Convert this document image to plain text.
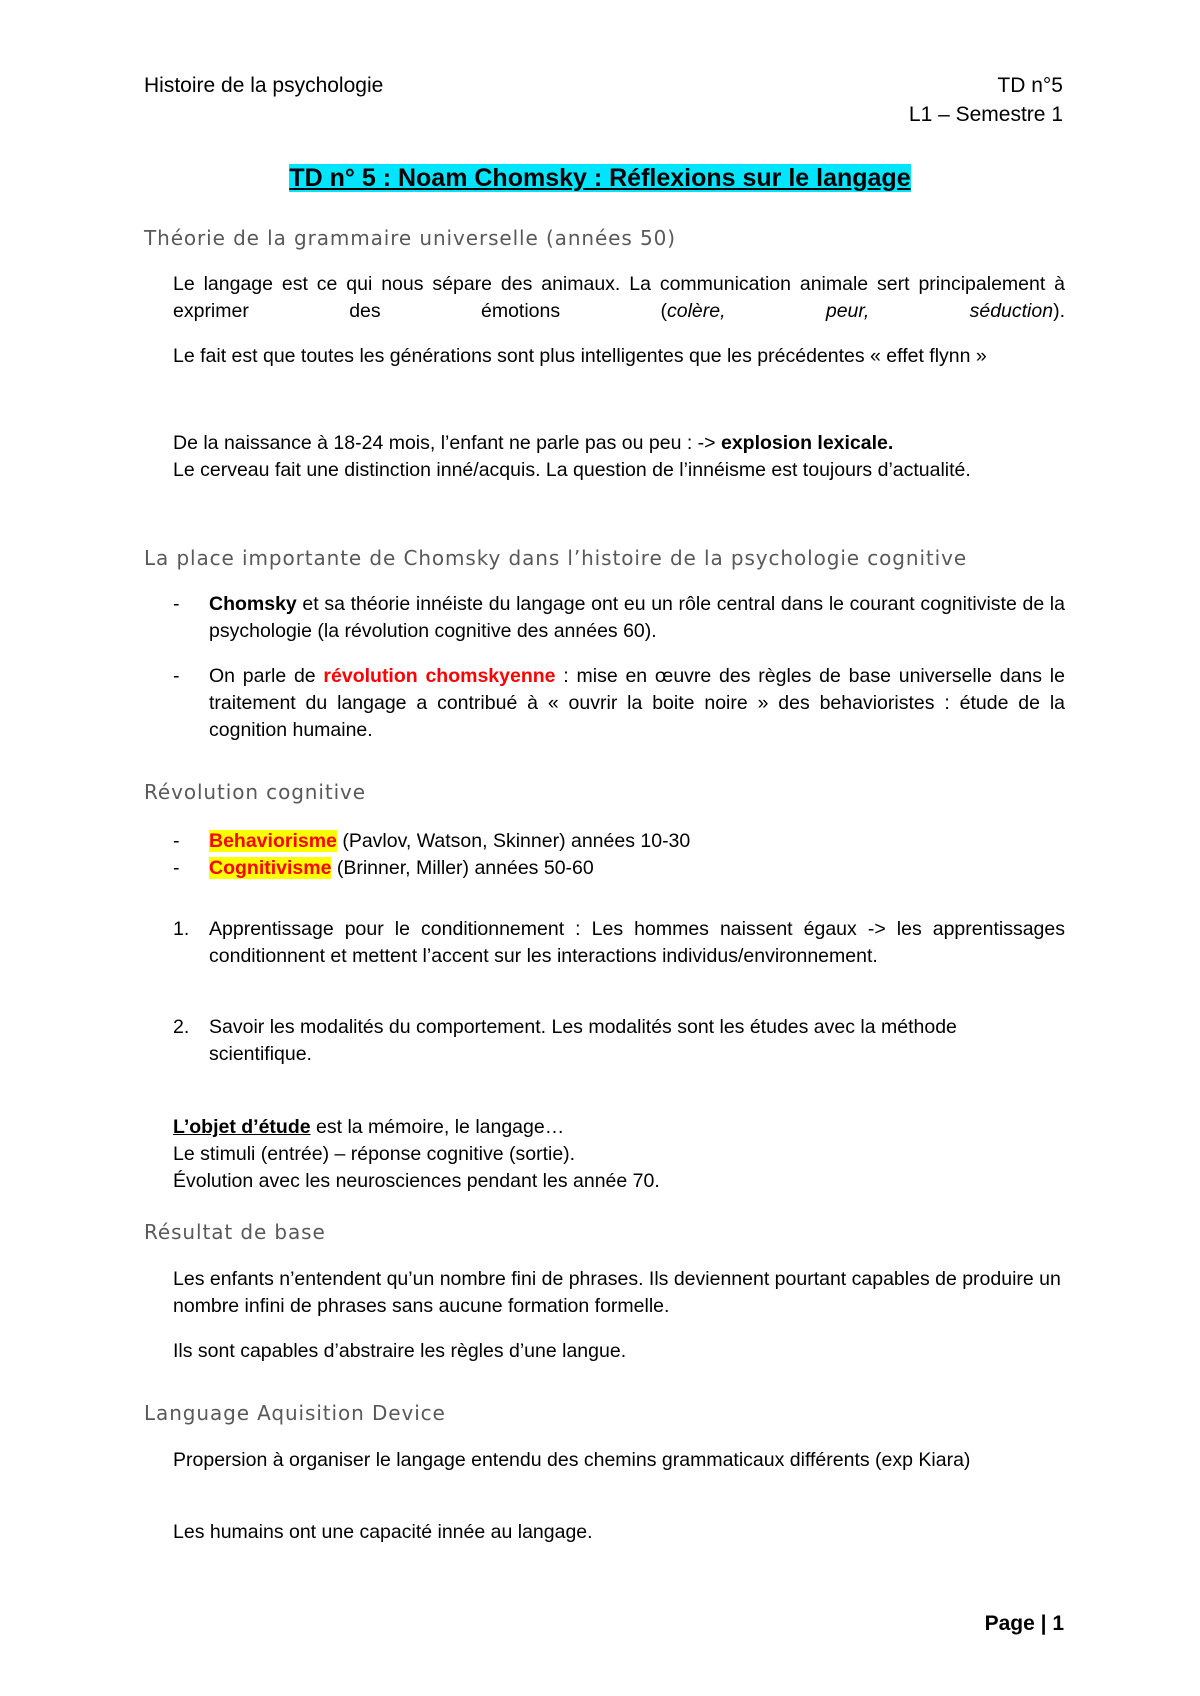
Histoire de la psychologie	TD n°5
L1 – Semestre 1
TD n° 5 : Noam Chomsky : Réflexions sur le langage
Théorie de la grammaire universelle (années 50)
Le langage est ce qui nous sépare des animaux. La communication animale sert principalement à exprimer des émotions (colère, peur, séduction).
Le fait est que toutes les générations sont plus intelligentes que les précédentes « effet flynn »
De la naissance à 18-24 mois, l’enfant ne parle pas ou peu : -> explosion lexicale.
Le cerveau fait une distinction inné/acquis. La question de l’innéisme est toujours d’actualité.
La place importante de Chomsky dans l’histoire de la psychologie cognitive
- Chomsky et sa théorie innéiste du langage ont eu un rôle central dans le courant cognitiviste de la psychologie (la révolution cognitive des années 60).
- On parle de révolution chomskyenne : mise en œuvre des règles de base universelle dans le traitement du langage a contribué à « ouvrir la boite noire » des behavioristes : étude de la cognition humaine.
Révolution cognitive
- Behaviorisme (Pavlov, Watson, Skinner) années 10-30
- Cognitivisme (Brinner, Miller) années 50-60
1. Apprentissage pour le conditionnement : Les hommes naissent égaux -> les apprentissages conditionnent et mettent l’accent sur les interactions individus/environnement.
2. Savoir les modalités du comportement. Les modalités sont les études avec la méthode scientifique.
L’objet d’étude est la mémoire, le langage…
Le stimuli (entrée) – réponse cognitive (sortie).
Évolution avec les neurosciences pendant les année 70.
Résultat de base
Les enfants n’entendent qu’un nombre fini de phrases. Ils deviennent pourtant capables de produire un nombre infini de phrases sans aucune formation formelle.
Ils sont capables d’abstraire les règles d’une langue.
Language Aquisition Device
Propersion à organiser le langage entendu des chemins grammaticaux différents (exp Kiara)
Les humains ont une capacité innée au langage.
Page | 1
